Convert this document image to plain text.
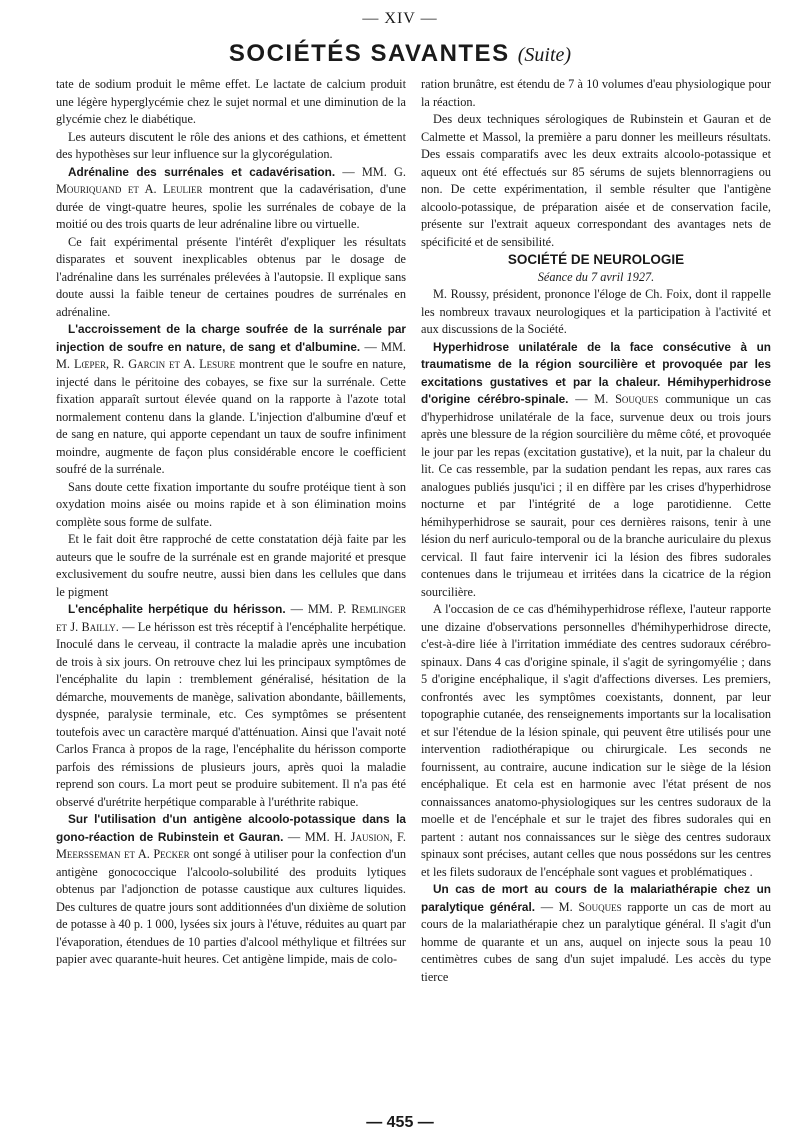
— XIV —
SOCIÉTÉS SAVANTES (Suite)

tate de sodium produit le même effet. Le lactate de calcium produit une légère hyperglycémie chez le sujet normal et une diminution de la glycémie chez le diabétique.

Les auteurs discutent le rôle des anions et des cathions, et émettent des hypothèses sur leur influence sur la glycorégulation.

Adrénaline des surrénales et cadavérisation. — MM. G. Mouriquand et A. Leulier montrent que la cadavérisation, d'une durée de vingt-quatre heures, spolie les surrénales de cobaye de la moitié ou des trois quarts de leur adrénaline libre ou virtuelle.

Ce fait expérimental présente l'intérêt d'expliquer les résultats disparates et souvent inexplicables obtenus par le dosage de l'adrénaline dans les surrénales prélevées à l'autopsie. Il explique sans doute aussi la faible teneur de certaines poudres de surrénales en adrénaline.

L'accroissement de la charge soufrée de la surrénale par injection de soufre en nature, de sang et d'albumine. — MM. M. Lœper, R. Garcin et A. Lesure montrent que le soufre en nature, injecté dans le péritoine des cobayes, se fixe sur la surrénale. Cette fixation apparaît surtout élevée quand on la rapporte à l'azote total normalement contenu dans la glande. L'injection d'albumine d'œuf et de sang en nature, qui apporte cependant un taux de soufre infiniment moindre, augmente de façon plus considérable encore le coefficient soufré de la surrénale.

Sans doute cette fixation importante du soufre protéique tient à son oxydation moins aisée ou moins rapide et à son élimination moins complète sous forme de sulfate.

Et le fait doit être rapproché de cette constatation déjà faite par les auteurs que le soufre de la surrénale est en grande majorité et presque exclusivement du soufre neutre, aussi bien dans les cellules que dans le pigment

L'encéphalite herpétique du hérisson. — MM. P. Remlinger et J. Bailly. — Le hérisson est très réceptif à l'encéphalite herpétique. Inoculé dans le cerveau, il contracte la maladie après une incubation de trois à six jours. On retrouve chez lui les principaux symptômes de l'encéphalite du lapin : tremblement généralisé, hésitation de la démarche, mouvements de manège, salivation abondante, bâillements, dyspnée, paralysie terminale, etc. Ces symptômes se présentent toutefois avec un caractère marqué d'atténuation. Ainsi que l'avait noté Carlos Franca à propos de la rage, l'encéphalite du hérisson comporte parfois des rémissions de plusieurs jours, après quoi la maladie reprend son cours. La mort peut se produire subitement. Il n'a pas été observé d'urétrite herpétique comparable à l'uréthrite rabique.

Sur l'utilisation d'un antigène alcoolo-potassique dans la gono-réaction de Rubinstein et Gauran. — MM. H. Jausion, F. Meersseman et A. Pecker ont songé à utiliser pour la confection d'un antigène gonococcique l'alcoolo-solubilité des produits lytiques obtenus par l'adjonction de potasse caustique aux cultures liquides. Des cultures de quatre jours sont additionnées d'un dixième de solution de potasse à 40 p. 1 000, lysées six jours à l'étuve, réduites au quart par l'évaporation, étendues de 10 parties d'alcool méthylique et filtrées sur papier avec quarante-huit heures. Cet antigène limpide, mais de colo-

ration brunâtre, est étendu de 7 à 10 volumes d'eau physiologique pour la réaction.

Des deux techniques sérologiques de Rubinstein et Gauran et de Calmette et Massol, la première a paru donner les meilleurs résultats. Des essais comparatifs avec les deux extraits alcoolo-potassique et aqueux ont été effectués sur 85 sérums de sujets blennorragiens ou non. De cette expérimentation, il semble résulter que l'antigène alcoolo-potassique, de préparation aisée et de conservation facile, présente sur l'extrait aqueux correspondant des avantages nets de spécificité et de sensibilité.

SOCIÉTÉ DE NEUROLOGIE

Séance du 7 avril 1927.

M. Roussy, président, prononce l'éloge de Ch. Foix, dont il rappelle les nombreux travaux neurologiques et la participation à l'activité et aux discussions de la Société.

Hyperhidrose unilatérale de la face consécutive à un traumatisme de la région sourcilière et provoquée par les excitations gustatives et par la chaleur. Hémihyperhidrose d'origine cérébro-spinale. — M. Souques communique un cas d'hyperhidrose unilatérale de la face, survenue deux ou trois jours après une blessure de la région sourcilière du même côté, et provoquée le jour par les repas (excitation gustative), et la nuit, par la chaleur du lit. Ce cas ressemble, par la sudation pendant les repas, aux rares cas analogues publiés jusqu'ici ; il en diffère par les crises d'hyperhidrose nocturne et par l'intégrité de a loge parotidienne. Cette hémihyperhidrose se saurait, pour ces dernières raisons, tenir à une lésion du nerf auriculo-temporal ou de la branche auriculaire du plexus cervical. Il faut faire intervenir ici la lésion des fibres sudorales contenues dans le trijumeau et irritées dans la cicatrice de la région sourcilière.

A l'occasion de ce cas d'hémihyperhidrose réflexe, l'auteur rapporte une dizaine d'observations personnelles d'hémihyperhidrose directe, c'est-à-dire liée à l'irritation immédiate des centres sudoraux cérébro-spinaux. Dans 4 cas d'origine spinale, il s'agit de syringomyélie ; dans 5 d'origine encéphalique, il s'agit d'affections diverses. Les premiers, confrontés avec les symptômes coexistants, donnent, par leur topographie cutanée, des renseignements importants sur la localisation et sur l'étendue de la lésion spinale, qui peuvent être utilisés pour une intervention radiothérapique ou chirurgicale. Les seconds ne fournissent, au contraire, aucune indication sur le siège de la lésion encéphalique. Et cela est en harmonie avec l'état présent de nos connaissances anatomo-physiologiques sur les centres sudoraux de la moelle et de l'encéphale et sur le trajet des fibres sudorales qui en partent : autant nos connaissances sur le siège des centres sudoraux spinaux sont précises, autant celles que nous possédons sur les centres et les filets sudoraux de l'encéphale sont vagues et problématiques .

Un cas de mort au cours de la malariathérapie chez un paralytique général. — M. Souques rapporte un cas de mort au cours de la malariathérapie chez un paralytique général. Il s'agit d'un homme de quarante et un ans, auquel on injecte sous la peau 10 centimètres cubes de sang d'un sujet impaludé. Les accès du type tierce

— 455 —
